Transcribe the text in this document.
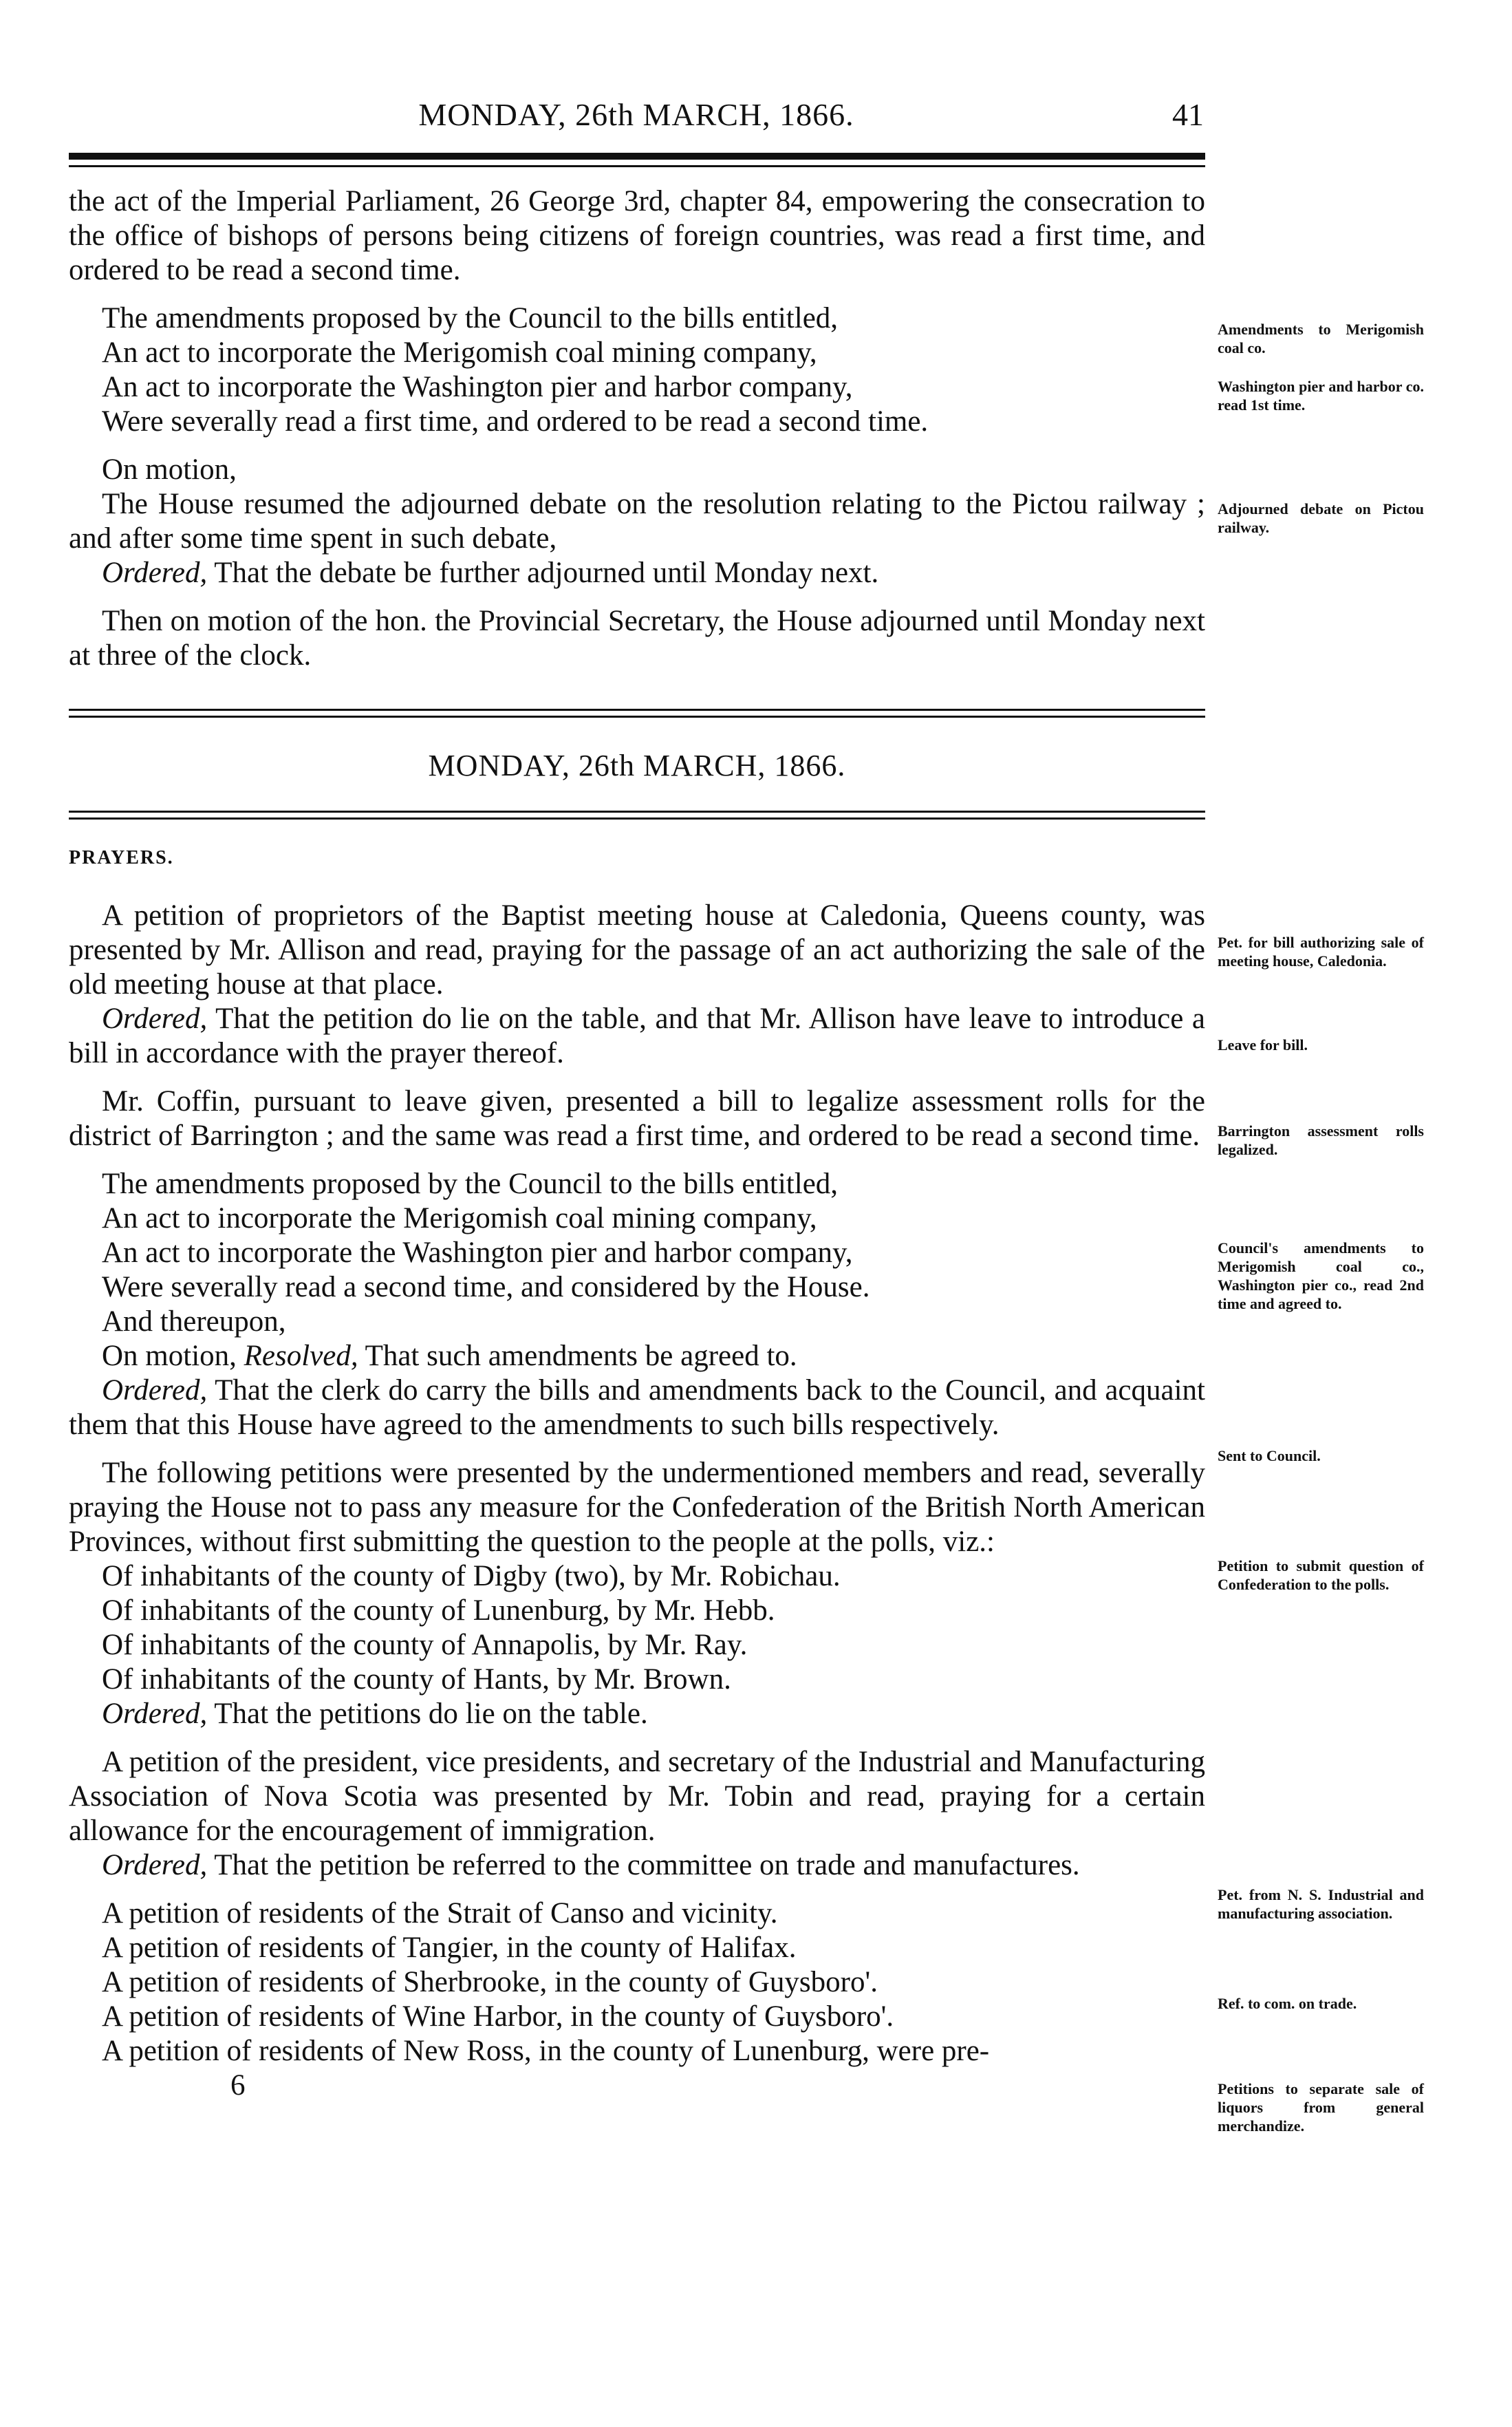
MONDAY, 26th MARCH, 1866.	41

the act of the Imperial Parliament, 26 George 3rd, chapter 84, empowering the consecration to the office of bishops of persons being citizens of foreign countries, was read a first time, and ordered to be read a second time.

The amendments proposed by the Council to the bills entitled,

An act to incorporate the Merigomish coal mining company,

An act to incorporate the Washington pier and harbor company,

Were severally read a first time, and ordered to be read a second time.

On motion,

The House resumed the adjourned debate on the resolution relating to the Pictou railway ; and after some time spent in such debate,

Ordered, That the debate be further adjourned until Monday next.

Then on motion of the hon. the Provincial Secretary, the House adjourned until Monday next at three of the clock.

MONDAY, 26th MARCH, 1866.

PRAYERS.

A petition of proprietors of the Baptist meeting house at Caledonia, Queens county, was presented by Mr. Allison and read, praying for the passage of an act authorizing the sale of the old meeting house at that place.

Ordered, That the petition do lie on the table, and that Mr. Allison have leave to introduce a bill in accordance with the prayer thereof.

Mr. Coffin, pursuant to leave given, presented a bill to legalize assessment rolls for the district of Barrington ; and the same was read a first time, and ordered to be read a second time.

The amendments proposed by the Council to the bills entitled,

An act to incorporate the Merigomish coal mining company,

An act to incorporate the Washington pier and harbor company,

Were severally read a second time, and considered by the House.

And thereupon,

On motion, Resolved, That such amendments be agreed to.

Ordered, That the clerk do carry the bills and amendments back to the Council, and acquaint them that this House have agreed to the amendments to such bills respectively.

The following petitions were presented by the undermentioned members and read, severally praying the House not to pass any measure for the Confederation of the British North American Provinces, without first submitting the question to the people at the polls, viz.:

Of inhabitants of the county of Digby (two), by Mr. Robichau.

Of inhabitants of the county of Lunenburg, by Mr. Hebb.

Of inhabitants of the county of Annapolis, by Mr. Ray.

Of inhabitants of the county of Hants, by Mr. Brown.

Ordered, That the petitions do lie on the table.

A petition of the president, vice presidents, and secretary of the Industrial and Manufacturing Association of Nova Scotia was presented by Mr. Tobin and read, praying for a certain allowance for the encouragement of immigration.

Ordered, That the petition be referred to the committee on trade and manufactures.

A petition of residents of the Strait of Canso and vicinity.

A petition of residents of Tangier, in the county of Halifax.

A petition of residents of Sherbrooke, in the county of Guysboro'.

A petition of residents of Wine Harbor, in the county of Guysboro'.

A petition of residents of New Ross, in the county of Lunenburg, were pre-

6

Amendments to Merigomish coal co.
Washington pier and harbor co. read 1st time.
Adjourned debate on Pictou railway.
Pet. for bill authorizing sale of meeting house, Caledonia.
Leave for bill.
Barrington assessment rolls legalized.
Council's amendments to Merigomish coal co., Washington pier co., read 2nd time and agreed to.
Sent to Council.
Petition to submit question of Confederation to the polls.
Pet. from N. S. Industrial and manufacturing association.
Ref. to com. on trade.
Petitions to separate sale of liquors from general merchandize.
